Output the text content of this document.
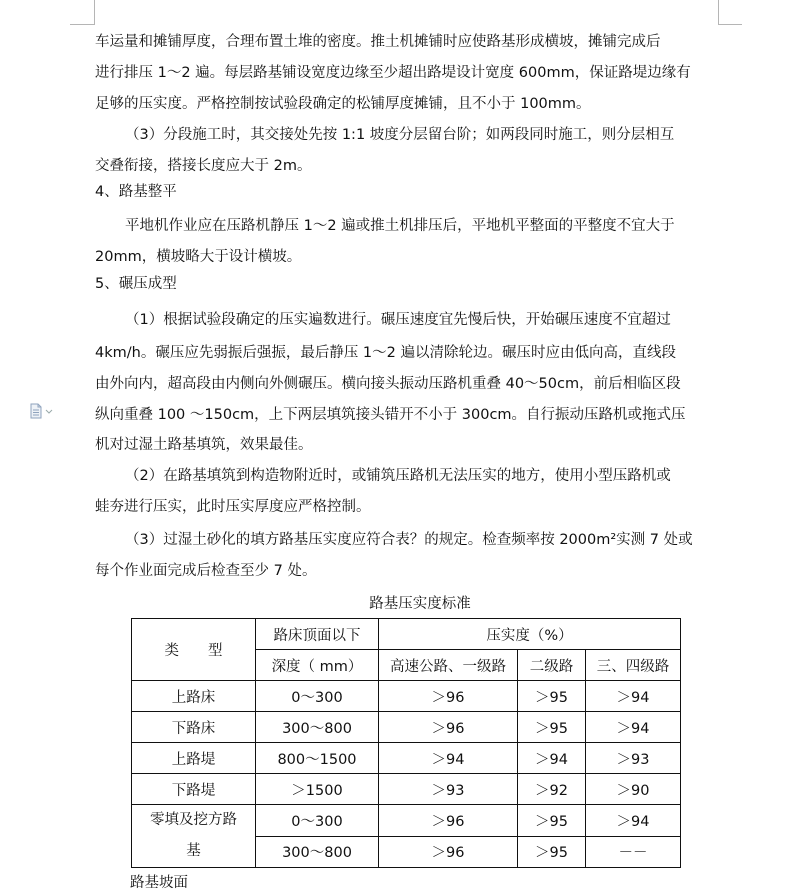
车运量和摊铺厚度，合理布置土堆的密度。推土机摊铺时应使路基形成横坡，摊铺完成后
进行排压 1～2 遍。每层路基铺设宽度边缘至少超出路堤设计宽度 600mm，保证路堤边缘有
足够的压实度。严格控制按试验段确定的松铺厚度摊铺，且不小于 100mm。
（3）分段施工时，其交接处先按 1:1 坡度分层留台阶；如两段同时施工，则分层相互
交叠衔接，搭接长度应大于 2m。
4、路基整平
平地机作业应在压路机静压 1～2 遍或推土机排压后，平地机平整面的平整度不宜大于
20mm，横坡略大于设计横坡。
5、碾压成型
（1）根据试验段确定的压实遍数进行。碾压速度宜先慢后快，开始碾压速度不宜超过
4km/h。碾压应先弱振后强振，最后静压 1～2 遍以清除轮边。碾压时应由低向高，直线段
由外向内，超高段由内侧向外侧碾压。横向接头振动压路机重叠 40～50cm，前后相临区段
纵向重叠 100 ～150cm，上下两层填筑接头错开不小于 300cm。自行振动压路机或拖式压
机对过湿土路基填筑，效果最佳。
（2）在路基填筑到构造物附近时，或铺筑压路机无法压实的地方，使用小型压路机或
蛙夯进行压实，此时压实厚度应严格控制。
（3）过湿土砂化的填方路基压实度应符合表？的规定。检查频率按 2000m²实测 7 处或
每个作业面完成后检查至少 7 处。
路基压实度标准
类　　型	路床顶面以下	压实度（%）		
	深度（ mm）	高速公路、一级路	二级路	三、四级路
上路床	0～300	＞96	＞95	＞94
下路床	300～800	＞96	＞95	＞94
上路堤	800～1500	＞94	＞94	＞93
下路堤	＞1500	＞93	＞92	＞90
零填及挖方路
基	0～300	＞96	＞95	＞94
	300～800	＞96	＞95	－－
路基坡面
